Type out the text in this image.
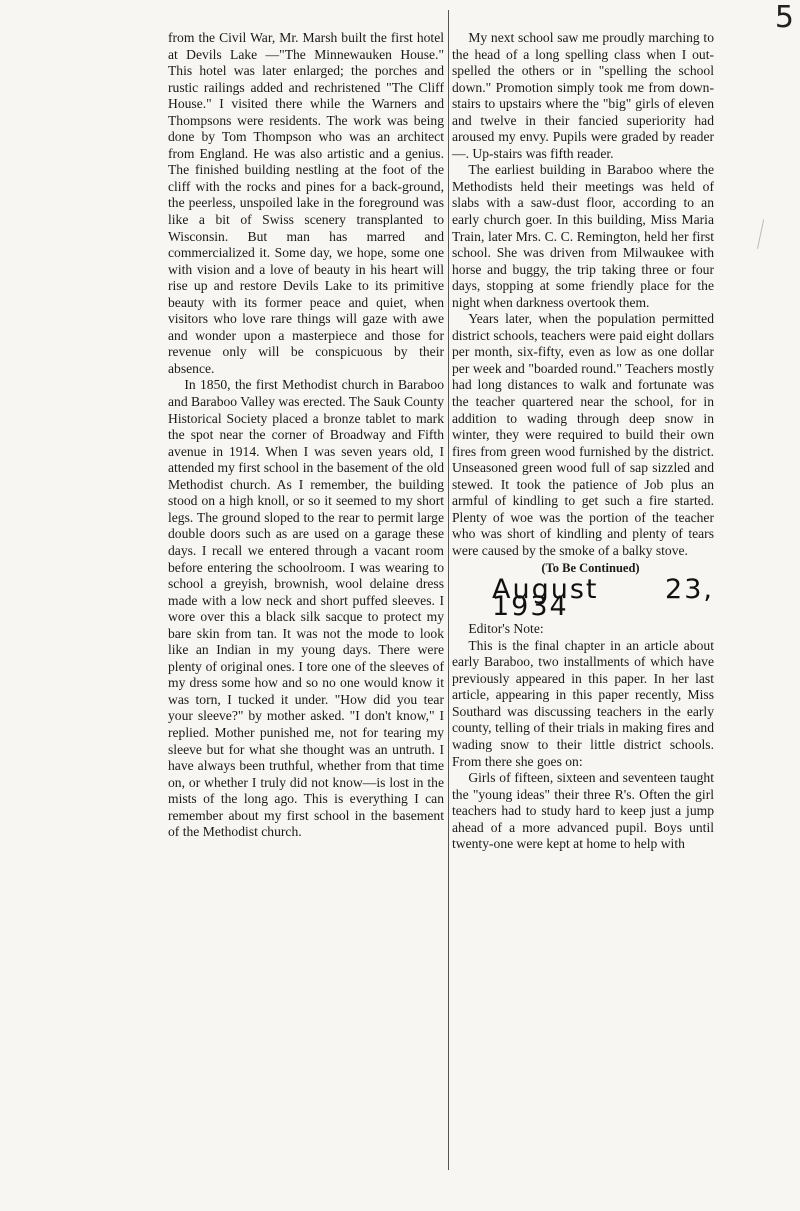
5

from the Civil War, Mr. Marsh built the first hotel at Devils Lake —"The Minnewauken House." This hotel was later enlarged; the porches and rustic railings added and rechristened "The Cliff House." I visited there while the Warners and Thompsons were residents. The work was being done by Tom Thompson who was an architect from England. He was also artistic and a genius. The finished building nestling at the foot of the cliff with the rocks and pines for a back-ground, the peerless, unspoiled lake in the foreground was like a bit of Swiss scenery transplanted to Wisconsin. But man has marred and commercialized it. Some day, we hope, some one with vision and a love of beauty in his heart will rise up and restore Devils Lake to its primitive beauty with its former peace and quiet, when visitors who love rare things will gaze with awe and wonder upon a masterpiece and those for revenue only will be conspicuous by their absence.

In 1850, the first Methodist church in Baraboo and Baraboo Valley was erected. The Sauk County Historical Society placed a bronze tablet to mark the spot near the corner of Broadway and Fifth avenue in 1914. When I was seven years old, I attended my first school in the basement of the old Methodist church. As I remember, the building stood on a high knoll, or so it seemed to my short legs. The ground sloped to the rear to permit large double doors such as are used on a garage these days. I recall we entered through a vacant room before entering the schoolroom. I was wearing to school a greyish, brownish, wool delaine dress made with a low neck and short puffed sleeves. I wore over this a black silk sacque to protect my bare skin from tan. It was not the mode to look like an Indian in my young days. There were plenty of original ones. I tore one of the sleeves of my dress some how and so no one would know it was torn, I tucked it under. "How did you tear your sleeve?" by mother asked. "I don't know," I replied. Mother punished me, not for tearing my sleeve but for what she thought was an untruth. I have always been truthful, whether from that time on, or whether I truly did not know—is lost in the mists of the long ago. This is everything I can remember about my first school in the basement of the Methodist church.

My next school saw me proudly marching to the head of a long spelling class when I out-spelled the others or in "spelling the school down." Promotion simply took me from down-stairs to upstairs where the "big" girls of eleven and twelve in their fancied superiority had aroused my envy. Pupils were graded by reader—. Up-stairs was fifth reader.

The earliest building in Baraboo where the Methodists held their meetings was held of slabs with a saw-dust floor, according to an early church goer. In this building, Miss Maria Train, later Mrs. C. C. Remington, held her first school. She was driven from Milwaukee with horse and buggy, the trip taking three or four days, stopping at some friendly place for the night when darkness overtook them.

Years later, when the population permitted district schools, teachers were paid eight dollars per month, six-fifty, even as low as one dollar per week and "boarded round." Teachers mostly had long distances to walk and fortunate was the teacher quartered near the school, for in addition to wading through deep snow in winter, they were required to build their own fires from green wood furnished by the district. Unseasoned green wood full of sap sizzled and stewed. It took the patience of Job plus an armful of kindling to get such a fire started. Plenty of woe was the portion of the teacher who was short of kindling and plenty of tears were caused by the smoke of a balky stove.

(To Be Continued)

August 23, 1934

Editor's Note:

This is the final chapter in an article about early Baraboo, two installments of which have previously appeared in this paper. In her last article, appearing in this paper recently, Miss Southard was discussing teachers in the early county, telling of their trials in making fires and wading snow to their little district schools. From there she goes on:

Girls of fifteen, sixteen and seventeen taught the "young ideas" their three R's. Often the girl teachers had to study hard to keep just a jump ahead of a more advanced pupil. Boys until twenty-one were kept at home to help with
